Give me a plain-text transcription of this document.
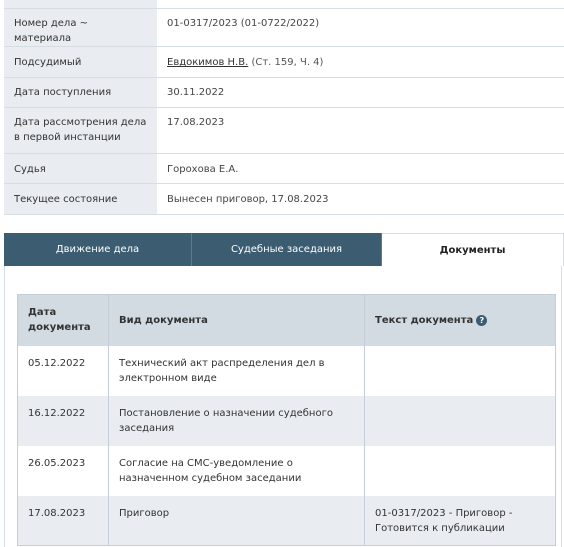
Номер дела ~ материала	01-0317/2023 (01-0722/2022)
Подсудимый	Евдокимов Н.В. (Ст. 159, Ч. 4)
Дата поступления	30.11.2022
Дата рассмотрения дела в первой инстанции	17.08.2023
Судья	Горохова Е.А.
Текущее состояние	Вынесен приговор, 17.08.2023
Движение дела	Судебные заседания	Документы
Дата документа	Вид документа	Текст документа ?
05.12.2022	Технический акт распределения дел в электронном виде	
16.12.2022	Постановление о назначении судебного заседания	
26.05.2023	Согласие на СМС-уведомление о назначенном судебном заседании	
17.08.2023	Приговор	01-0317/2023 - Приговор - Готовится к публикации
